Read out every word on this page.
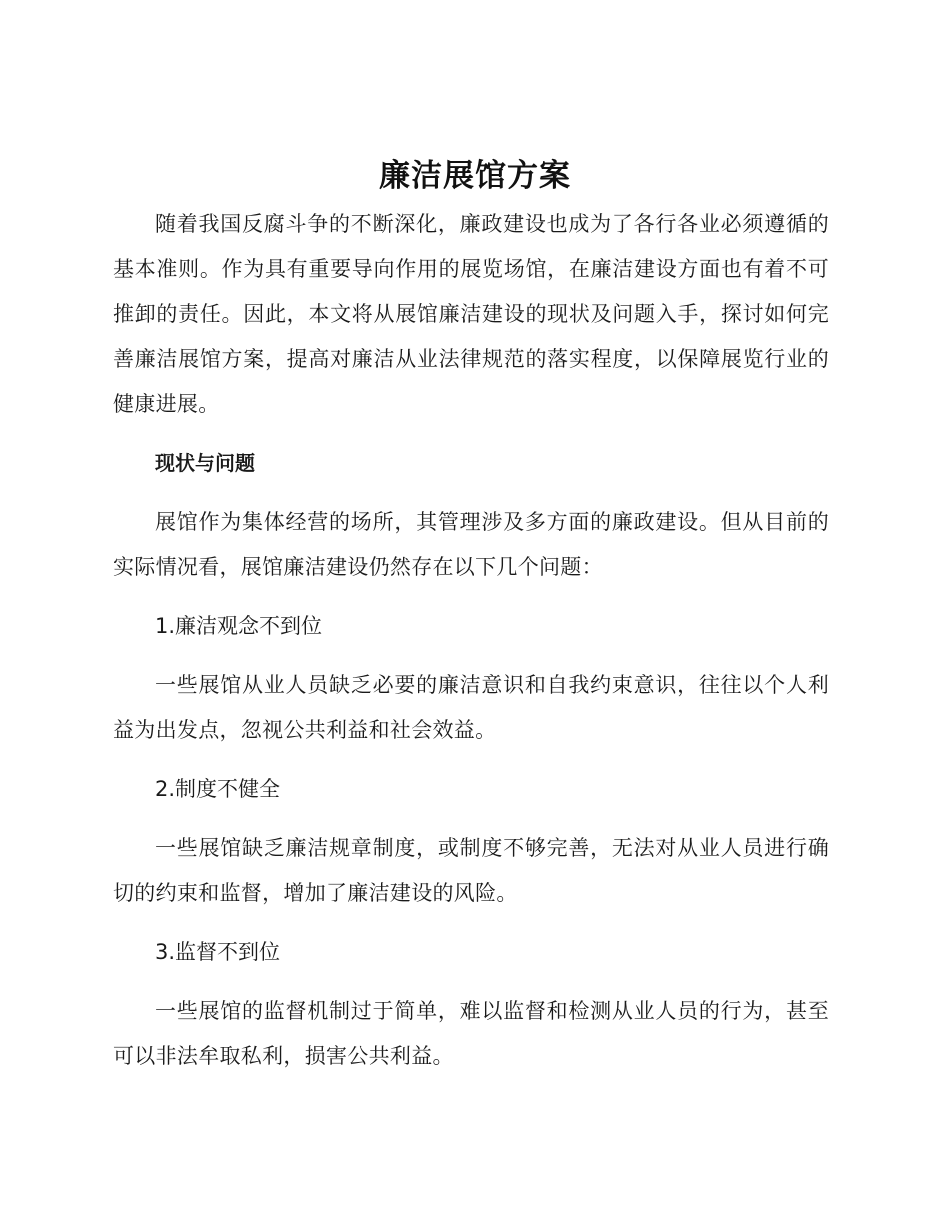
廉洁展馆方案

随着我国反腐斗争的不断深化，廉政建设也成为了各行各业必须遵循的基本准则。作为具有重要导向作用的展览场馆，在廉洁建设方面也有着不可推卸的责任。因此，本文将从展馆廉洁建设的现状及问题入手，探讨如何完善廉洁展馆方案，提高对廉洁从业法律规范的落实程度，以保障展览行业的健康进展。

现状与问题

展馆作为集体经营的场所，其管理涉及多方面的廉政建设。但从目前的实际情况看，展馆廉洁建设仍然存在以下几个问题：

1.廉洁观念不到位

一些展馆从业人员缺乏必要的廉洁意识和自我约束意识，往往以个人利益为出发点，忽视公共利益和社会效益。

2.制度不健全

一些展馆缺乏廉洁规章制度，或制度不够完善，无法对从业人员进行确切的约束和监督，增加了廉洁建设的风险。

3.监督不到位

一些展馆的监督机制过于简单，难以监督和检测从业人员的行为，甚至可以非法牟取私利，损害公共利益。
